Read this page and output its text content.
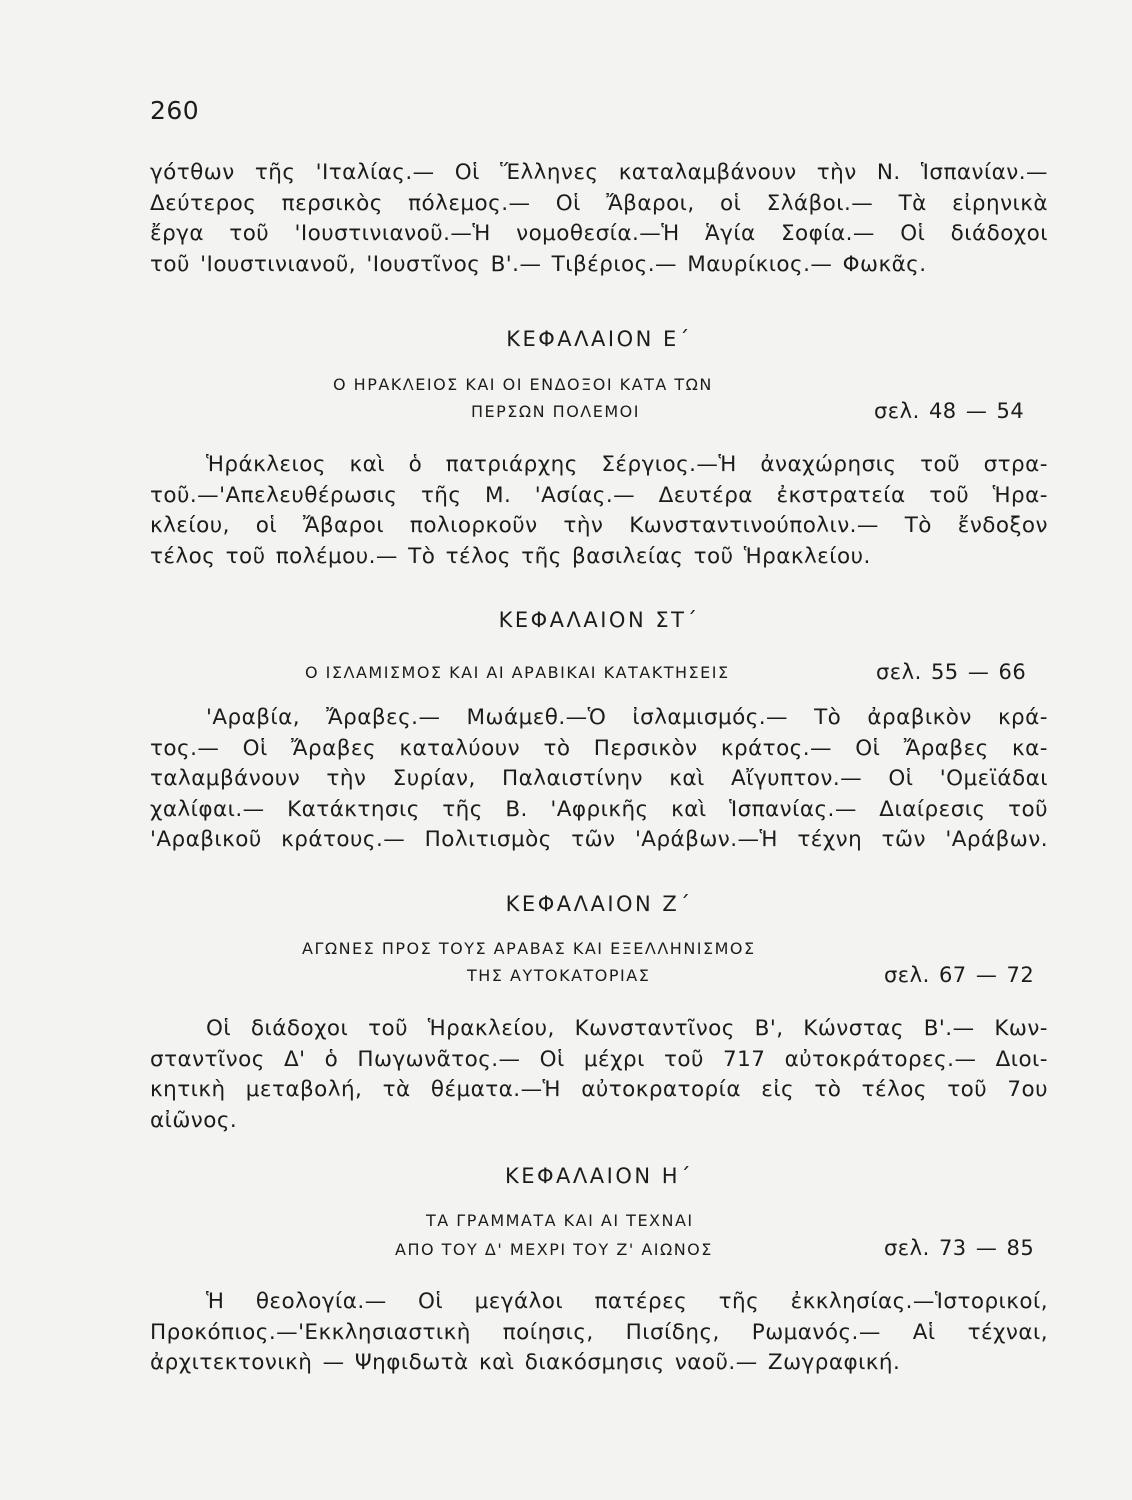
260
γότθων τῆς 'Ιταλίας.— Οἱ Ἕλληνες καταλαμβάνουν τὴν Ν. Ἱσπανίαν.—
Δεύτερος περσικὸς πόλεμος.— Οἱ Ἄβαροι, οἱ Σλάβοι.— Τὰ εἰρηνικὰ
ἔργα τοῦ 'Ιουστινιανοῦ.—Ἡ νομοθεσία.—Ἡ Ἁγία Σοφία.— Οἱ διάδοχοι
τοῦ 'Ιουστινιανοῦ, 'Ιουστῖνος Β'.— Τιβέριος.— Μαυρίκιος.— Φωκᾶς.
ΚΕΦΑΛΑΙΟΝ Ε΄
Ο ΗΡΑΚΛΕΙΟΣ ΚΑΙ ΟΙ ΕΝΔΟΞΟΙ ΚΑΤΑ ΤΩΝ
ΠΕΡΣΩΝ ΠΟΛΕΜΟΙ	σελ. 48 — 54
Ἡράκλειος καὶ ὁ πατριάρχης Σέργιος.—Ἡ ἀναχώρησις τοῦ στρα-
τοῦ.—'Απελευθέρωσις τῆς Μ. 'Ασίας.— Δευτέρα ἐκστρατεία τοῦ Ἡρα-
κλείου, οἱ Ἄβαροι πολιορκοῦν τὴν Κωνσταντινούπολιν.— Τὸ ἔνδοξον
τέλος τοῦ πολέμου.— Τὸ τέλος τῆς βασιλείας τοῦ Ἡρακλείου.
ΚΕΦΑΛΑΙΟΝ ΣΤ΄
Ο ΙΣΛΑΜΙΣΜΟΣ ΚΑΙ ΑΙ ΑΡΑΒΙΚΑΙ ΚΑΤΑΚΤΗΣΕΙΣ	σελ. 55 — 66
'Αραβία, Ἄραβες.— Μωάμεθ.—Ὁ ἰσλαμισμός.— Τὸ ἀραβικὸν κρά-
τος.— Οἱ Ἄραβες καταλύουν τὸ Περσικὸν κράτος.— Οἱ Ἄραβες κα-
ταλαμβάνουν τὴν Συρίαν, Παλαιστίνην καὶ Αἴγυπτον.— Οἱ 'Ομεϊάδαι
χαλίφαι.— Κατάκτησις τῆς Β. 'Αφρικῆς καὶ Ἱσπανίας.— Διαίρεσις τοῦ
'Αραβικοῦ κράτους.— Πολιτισμὸς τῶν 'Αράβων.—Ἡ τέχνη τῶν 'Αράβων.
ΚΕΦΑΛΑΙΟΝ Ζ΄
ΑΓΩΝΕΣ ΠΡΟΣ ΤΟΥΣ ΑΡΑΒΑΣ ΚΑΙ ΕΞΕΛΛΗΝΙΣΜΟΣ
ΤΗΣ ΑΥΤΟΚΑΤΟΡΙΑΣ	σελ. 67 — 72
Οἱ διάδοχοι τοῦ Ἡρακλείου, Κωνσταντῖνος Β', Κώνστας Β'.— Κων-
σταντῖνος Δ' ὁ Πωγωνᾶτος.— Οἱ μέχρι τοῦ 717 αὐτοκράτορες.— Διοι-
κητικὴ μεταβολή, τὰ θέματα.—Ἡ αὐτοκρατορία εἰς τὸ τέλος τοῦ 7ου
αἰῶνος.
ΚΕΦΑΛΑΙΟΝ Η΄
ΤΑ ΓΡΑΜΜΑΤΑ ΚΑΙ ΑΙ ΤΕΧΝΑΙ
ΑΠΟ ΤΟΥ Δ' ΜΕΧΡΙ ΤΟΥ Ζ' ΑΙΩΝΟΣ	σελ. 73 — 85
Ἡ θεολογία.— Οἱ μεγάλοι πατέρες τῆς ἐκκλησίας.—Ἱστορικοί,
Προκόπιος.—'Εκκλησιαστικὴ ποίησις, Πισίδης, Ρωμανός.— Αἱ τέχναι,
ἀρχιτεκτονικὴ — Ψηφιδωτὰ καὶ διακόσμησις ναοῦ.— Ζωγραφική.
